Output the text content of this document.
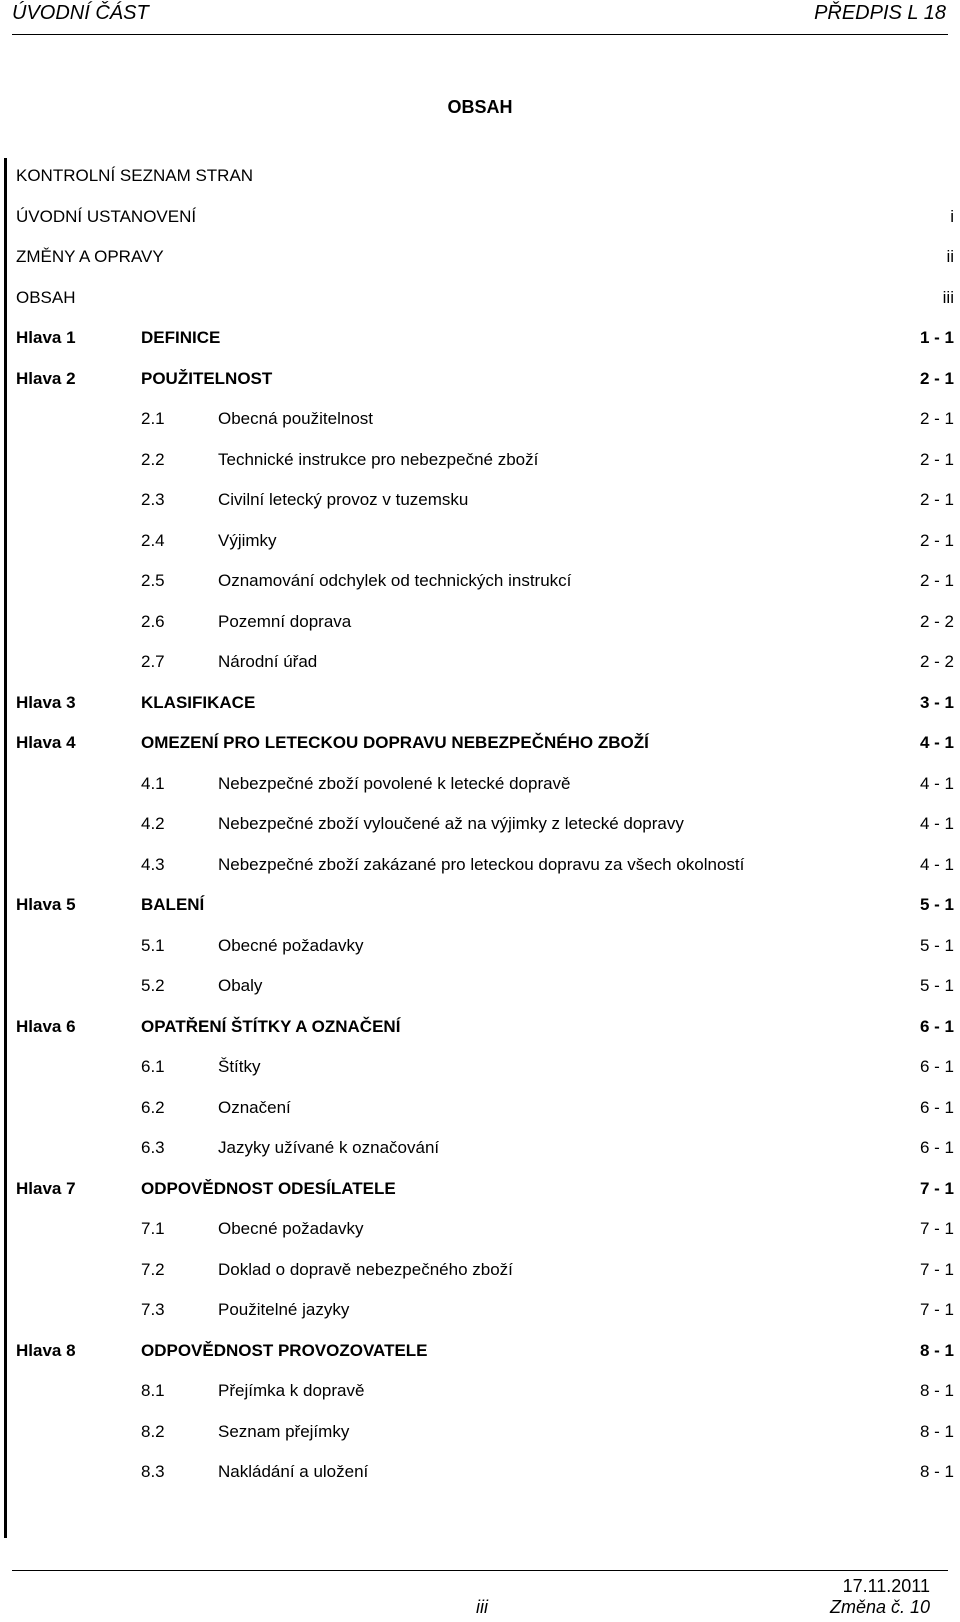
ÚVODNÍ ČÁST	PŘEDPIS L 18
OBSAH
KONTROLNÍ SEZNAM STRAN
ÚVODNÍ USTANOVENÍ	i
ZMĚNY A OPRAVY	ii
OBSAH	iii
Hlava 1	DEFINICE	1 - 1
Hlava 2	POUŽITELNOST	2 - 1
2.1	Obecná použitelnost	2 - 1
2.2	Technické instrukce pro nebezpečné zboží	2 - 1
2.3	Civilní letecký provoz v tuzemsku	2 - 1
2.4	Výjimky	2 - 1
2.5	Oznamování odchylek od technických instrukcí	2 - 1
2.6	Pozemní doprava	2 - 2
2.7	Národní úřad	2 - 2
Hlava 3	KLASIFIKACE	3 - 1
Hlava 4	OMEZENÍ PRO LETECKOU DOPRAVU NEBEZPEČNÉHO ZBOŽÍ	4 - 1
4.1	Nebezpečné zboží povolené k letecké dopravě	4 - 1
4.2	Nebezpečné zboží vyloučené až na výjimky z letecké dopravy	4 - 1
4.3	Nebezpečné zboží zakázané pro leteckou dopravu za všech okolností	4 - 1
Hlava 5	BALENÍ	5 - 1
5.1	Obecné požadavky	5 - 1
5.2	Obaly	5 - 1
Hlava 6	OPATŘENÍ ŠTÍTKY A OZNAČENÍ	6 - 1
6.1	Štítky	6 - 1
6.2	Označení	6 - 1
6.3	Jazyky užívané k označování	6 - 1
Hlava 7	ODPOVĚDNOST ODESÍLATELE	7 - 1
7.1	Obecné požadavky	7 - 1
7.2	Doklad o dopravě nebezpečného zboží	7 - 1
7.3	Použitelné jazyky	7 - 1
Hlava 8	ODPOVĚDNOST PROVOZOVATELE	8 - 1
8.1	Přejímka k dopravě	8 - 1
8.2	Seznam přejímky	8 - 1
8.3	Nakládání a uložení	8 - 1
iii
17.11.2011
Změna č. 10
